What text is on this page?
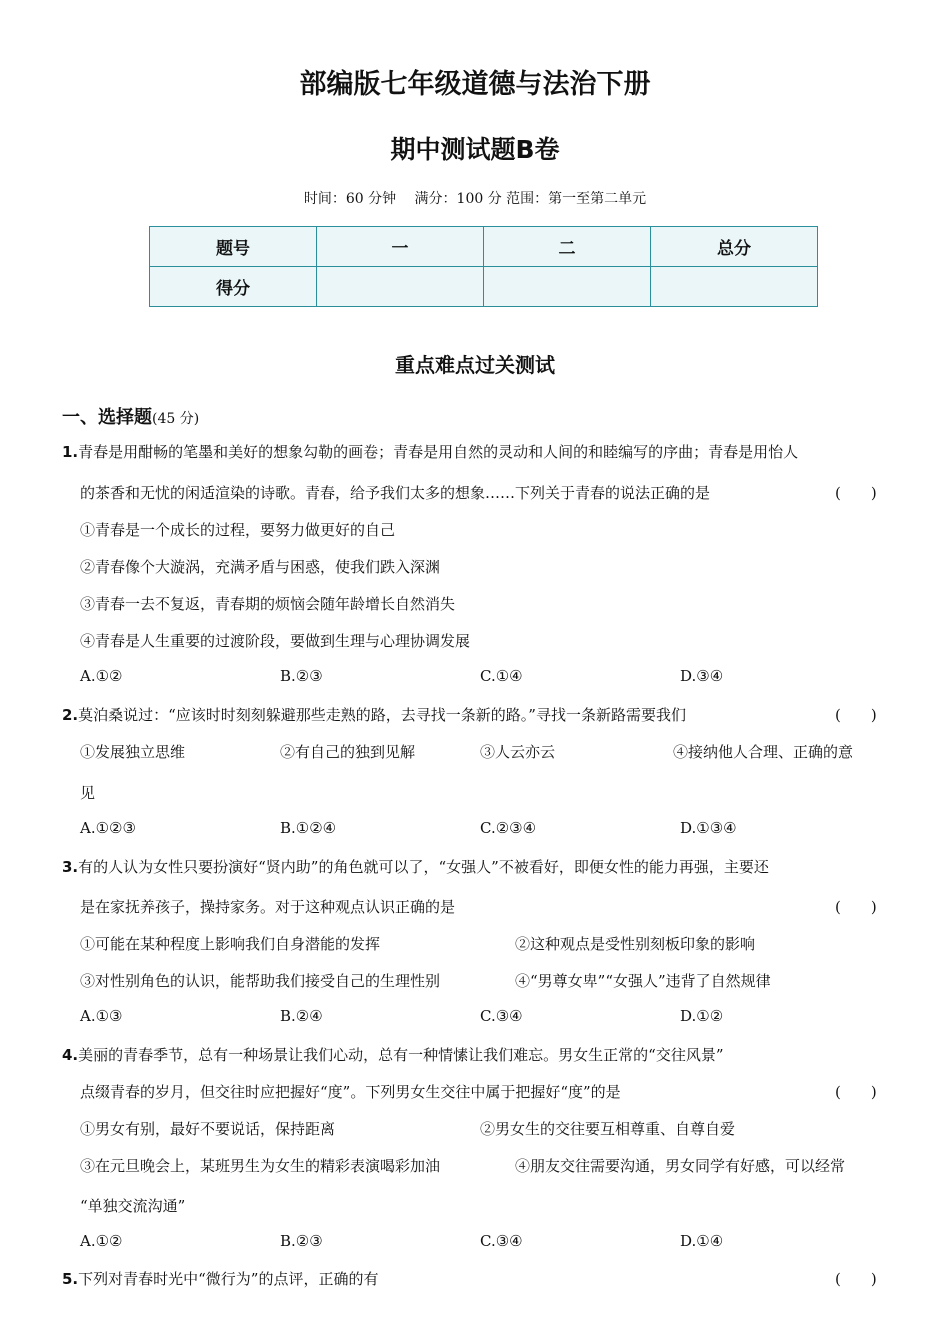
部编版七年级道德与法治下册
期中测试题B卷
时间：60 分钟　 满分：100 分 范围：第一至第二单元
题号	一	二	总分
得分			
重点难点过关测试
一、选择题(45 分)
1.青春是用酣畅的笔墨和美好的想象勾勒的画卷；青春是用自然的灵动和人间的和睦编写的序曲；青春是用怡人
的茶香和无忧的闲适渲染的诗歌。青春，给予我们太多的想象……下列关于青春的说法正确的是	(　　)
①青春是一个成长的过程，要努力做更好的自己
②青春像个大漩涡，充满矛盾与困惑，使我们跌入深渊
③青春一去不复返，青春期的烦恼会随年龄增长自然消失
④青春是人生重要的过渡阶段，要做到生理与心理协调发展
A.①②	B.②③	C.①④	D.③④
2.莫泊桑说过：“应该时时刻刻躲避那些走熟的路，去寻找一条新的路。”寻找一条新路需要我们	(　　)
①发展独立思维	②有自己的独到见解	③人云亦云	④接纳他人合理、正确的意
见
A.①②③	B.①②④	C.②③④	D.①③④
3.有的人认为女性只要扮演好“贤内助”的角色就可以了，“女强人”不被看好，即便女性的能力再强，主要还
是在家抚养孩子，操持家务。对于这种观点认识正确的是	(　　)
①可能在某种程度上影响我们自身潜能的发挥	②这种观点是受性别刻板印象的影响
③对性别角色的认识，能帮助我们接受自己的生理性别	④“男尊女卑”“女强人”违背了自然规律
A.①③	B.②④	C.③④	D.①②
4.美丽的青春季节，总有一种场景让我们心动，总有一种情愫让我们难忘。男女生正常的“交往风景”
点缀青春的岁月，但交往时应把握好“度”。下列男女生交往中属于把握好“度”的是	(　　)
①男女有别，最好不要说话，保持距离	②男女生的交往要互相尊重、自尊自爱
③在元旦晚会上，某班男生为女生的精彩表演喝彩加油	④朋友交往需要沟通，男女同学有好感，可以经常
“单独交流沟通”
A.①②	B.②③	C.③④	D.①④
5.下列对青春时光中“微行为”的点评，正确的有	(　　)
